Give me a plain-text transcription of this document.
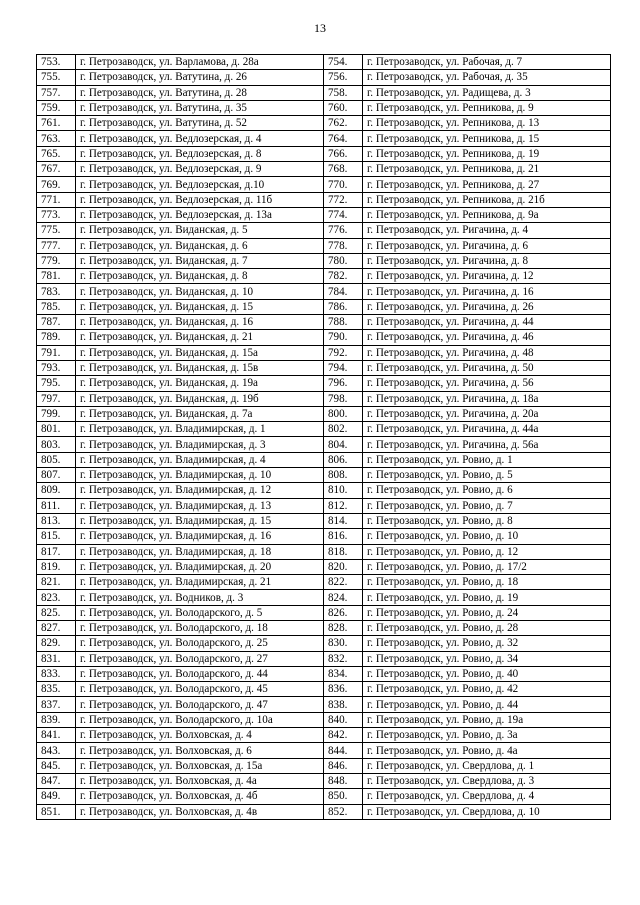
13
753.	г. Петрозаводск, ул. Варламова, д. 28а	754.	г. Петрозаводск, ул. Рабочая, д. 7
755.	г. Петрозаводск, ул. Ватутина, д. 26	756.	г. Петрозаводск, ул. Рабочая, д. 35
757.	г. Петрозаводск, ул. Ватутина, д. 28	758.	г. Петрозаводск, ул. Радищева, д. 3
759.	г. Петрозаводск, ул. Ватутина, д. 35	760.	г. Петрозаводск, ул. Репникова, д. 9
761.	г. Петрозаводск, ул. Ватутина, д. 52	762.	г. Петрозаводск, ул. Репникова, д. 13
763.	г. Петрозаводск, ул. Ведлозерская, д. 4	764.	г. Петрозаводск, ул. Репникова, д. 15
765.	г. Петрозаводск, ул. Ведлозерская, д. 8	766.	г. Петрозаводск, ул. Репникова, д. 19
767.	г. Петрозаводск, ул. Ведлозерская, д. 9	768.	г. Петрозаводск, ул. Репникова, д. 21
769.	г. Петрозаводск, ул. Ведлозерская, д.10	770.	г. Петрозаводск, ул. Репникова, д. 27
771.	г. Петрозаводск, ул. Ведлозерская, д. 11б	772.	г. Петрозаводск, ул. Репникова, д. 21б
773.	г. Петрозаводск, ул. Ведлозерская, д. 13а	774.	г. Петрозаводск, ул. Репникова, д. 9а
775.	г. Петрозаводск, ул. Виданская, д. 5	776.	г. Петрозаводск, ул. Ригачина, д. 4
777.	г. Петрозаводск, ул. Виданская, д. 6	778.	г. Петрозаводск, ул. Ригачина, д. 6
779.	г. Петрозаводск, ул. Виданская, д. 7	780.	г. Петрозаводск, ул. Ригачина, д. 8
781.	г. Петрозаводск, ул. Виданская, д. 8	782.	г. Петрозаводск, ул. Ригачина, д. 12
783.	г. Петрозаводск, ул. Виданская, д. 10	784.	г. Петрозаводск, ул. Ригачина, д. 16
785.	г. Петрозаводск, ул. Виданская, д. 15	786.	г. Петрозаводск, ул. Ригачина, д. 26
787.	г. Петрозаводск, ул. Виданская, д. 16	788.	г. Петрозаводск, ул. Ригачина, д. 44
789.	г. Петрозаводск, ул. Виданская, д. 21	790.	г. Петрозаводск, ул. Ригачина, д. 46
791.	г. Петрозаводск, ул. Виданская, д. 15а	792.	г. Петрозаводск, ул. Ригачина, д. 48
793.	г. Петрозаводск, ул. Виданская, д. 15в	794.	г. Петрозаводск, ул. Ригачина, д. 50
795.	г. Петрозаводск, ул. Виданская, д. 19а	796.	г. Петрозаводск, ул. Ригачина, д. 56
797.	г. Петрозаводск, ул. Виданская, д. 19б	798.	г. Петрозаводск, ул. Ригачина, д. 18а
799.	г. Петрозаводск, ул. Виданская, д. 7а	800.	г. Петрозаводск, ул. Ригачина, д. 20а
801.	г. Петрозаводск, ул. Владимирская, д. 1	802.	г. Петрозаводск, ул. Ригачина, д. 44а
803.	г. Петрозаводск, ул. Владимирская, д. 3	804.	г. Петрозаводск, ул. Ригачина, д. 56а
805.	г. Петрозаводск, ул. Владимирская, д. 4	806.	г. Петрозаводск, ул. Ровио, д. 1
807.	г. Петрозаводск, ул. Владимирская, д. 10	808.	г. Петрозаводск, ул. Ровио, д. 5
809.	г. Петрозаводск, ул. Владимирская, д. 12	810.	г. Петрозаводск, ул. Ровио, д. 6
811.	г. Петрозаводск, ул. Владимирская, д. 13	812.	г. Петрозаводск, ул. Ровио, д. 7
813.	г. Петрозаводск, ул. Владимирская, д. 15	814.	г. Петрозаводск, ул. Ровио, д. 8
815.	г. Петрозаводск, ул. Владимирская, д. 16	816.	г. Петрозаводск, ул. Ровио, д. 10
817.	г. Петрозаводск, ул. Владимирская, д. 18	818.	г. Петрозаводск, ул. Ровио, д. 12
819.	г. Петрозаводск, ул. Владимирская, д. 20	820.	г. Петрозаводск, ул. Ровио, д. 17/2
821.	г. Петрозаводск, ул. Владимирская, д. 21	822.	г. Петрозаводск, ул. Ровио, д. 18
823.	г. Петрозаводск, ул. Водников, д. 3	824.	г. Петрозаводск, ул. Ровио, д. 19
825.	г. Петрозаводск, ул. Володарского, д. 5	826.	г. Петрозаводск, ул. Ровио, д. 24
827.	г. Петрозаводск, ул. Володарского, д. 18	828.	г. Петрозаводск, ул. Ровио, д. 28
829.	г. Петрозаводск, ул. Володарского, д. 25	830.	г. Петрозаводск, ул. Ровио, д. 32
831.	г. Петрозаводск, ул. Володарского, д. 27	832.	г. Петрозаводск, ул. Ровио, д. 34
833.	г. Петрозаводск, ул. Володарского, д. 44	834.	г. Петрозаводск, ул. Ровио, д. 40
835.	г. Петрозаводск, ул. Володарского, д. 45	836.	г. Петрозаводск, ул. Ровио, д. 42
837.	г. Петрозаводск, ул. Володарского, д. 47	838.	г. Петрозаводск, ул. Ровио, д. 44
839.	г. Петрозаводск, ул. Володарского, д. 10а	840.	г. Петрозаводск, ул. Ровио, д. 19а
841.	г. Петрозаводск, ул. Волховская, д. 4	842.	г. Петрозаводск, ул. Ровио, д. 3а
843.	г. Петрозаводск, ул. Волховская, д. 6	844.	г. Петрозаводск, ул. Ровио, д. 4а
845.	г. Петрозаводск, ул. Волховская, д. 15а	846.	г. Петрозаводск, ул. Свердлова, д. 1
847.	г. Петрозаводск, ул. Волховская, д. 4а	848.	г. Петрозаводск, ул. Свердлова, д. 3
849.	г. Петрозаводск, ул. Волховская, д. 4б	850.	г. Петрозаводск, ул. Свердлова, д. 4
851.	г. Петрозаводск, ул. Волховская, д. 4в	852.	г. Петрозаводск, ул. Свердлова, д. 10
